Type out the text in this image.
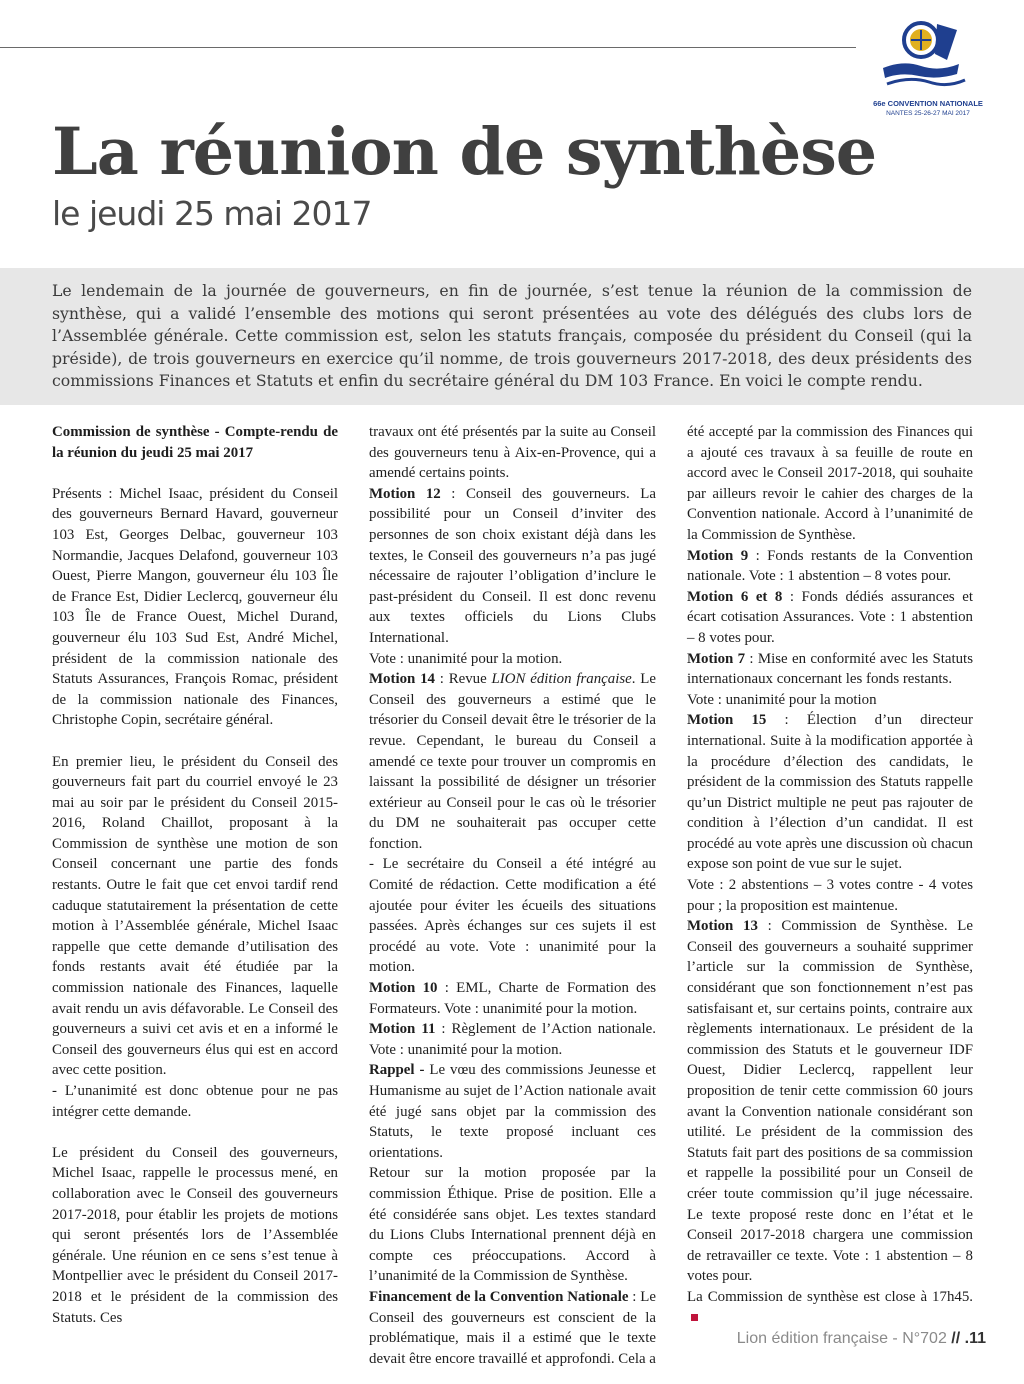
66e CONVENTION NATIONALE
NANTES 25-26-27 MAI 2017
La réunion de synthèse
le jeudi 25 mai 2017

Le lendemain de la journée de gouverneurs, en fin de journée, s’est tenue la réunion de la commission de synthèse, qui a validé l’ensemble des motions qui seront présentées au vote des délégués des clubs lors de l’Assemblée générale. Cette commission est, selon les statuts français, composée du président du Conseil (qui la préside), de trois gouverneurs en exercice qu’il nomme, de trois gouverneurs 2017-2018, des deux présidents des commissions Finances et Statuts et enfin du secrétaire général du DM 103 France. En voici le compte rendu.

Commission de synthèse - Compte-rendu de la réunion du jeudi 25 mai 2017

Présents : Michel Isaac, président du Conseil des gouverneurs Bernard Havard, gouverneur 103 Est, Georges Delbac, gouverneur 103 Normandie, Jacques Delafond, gouverneur 103 Ouest, Pierre Mangon, gouverneur élu 103 Île de France Est, Didier Leclercq, gouverneur élu 103 Île de France Ouest, Michel Durand, gouverneur élu 103 Sud Est, André Michel, président de la commission nationale des Statuts Assurances, François Romac, président de la commission nationale des Finances, Christophe Copin, secrétaire général.

En premier lieu, le président du Conseil des gouverneurs fait part du courriel envoyé le 23 mai au soir par le président du Conseil 2015-2016, Roland Chaillot, proposant à la Commission de synthèse une motion de son Conseil concernant une partie des fonds restants. Outre le fait que cet envoi tardif rend caduque statutairement la présentation de cette motion à l’Assemblée générale, Michel Isaac rappelle que cette demande d’utilisation des fonds restants avait été étudiée par la commission nationale des Finances, laquelle avait rendu un avis défavorable. Le Conseil des gouverneurs a suivi cet avis et en a informé le Conseil des gouverneurs élus qui est en accord avec cette position.

- L’unanimité est donc obtenue pour ne pas intégrer cette demande.

Le président du Conseil des gouverneurs, Michel Isaac, rappelle le processus mené, en collaboration avec le Conseil des gouverneurs 2017-2018, pour établir les projets de motions qui seront présentés lors de l’Assemblée générale. Une réunion en ce sens s’est tenue à Montpellier avec le président du Conseil 2017-2018 et le président de la commission des Statuts. Ces

travaux ont été présentés par la suite au Conseil des gouverneurs tenu à Aix-en-Provence, qui a amendé certains points.

Motion 12 : Conseil des gouverneurs. La possibilité pour un Conseil d’inviter des personnes de son choix existant déjà dans les textes, le Conseil des gouverneurs n’a pas jugé nécessaire de rajouter l’obligation d’inclure le past-président du Conseil. Il est donc revenu aux textes officiels du Lions Clubs International.

Vote : unanimité pour la motion.

Motion 14 : Revue LION édition française. Le Conseil des gouverneurs a estimé que le trésorier du Conseil devait être le trésorier de la revue. Cependant, le bureau du Conseil a amendé ce texte pour trouver un compromis en laissant la possibilité de désigner un trésorier extérieur au Conseil pour le cas où le trésorier du DM ne souhaiterait pas occuper cette fonction.

- Le secrétaire du Conseil a été intégré au Comité de rédaction. Cette modification a été ajoutée pour éviter les écueils des situations passées. Après échanges sur ces sujets il est procédé au vote. Vote : unanimité pour la motion.

Motion 10 : EML, Charte de Formation des Formateurs. Vote : unanimité pour la motion.

Motion 11 : Règlement de l’Action nationale. Vote : unanimité pour la motion.

Rappel - Le vœu des commissions Jeunesse et Humanisme au sujet de l’Action nationale avait été jugé sans objet par la commission des Statuts, le texte proposé incluant ces orientations.

Retour sur la motion proposée par la commission Éthique. Prise de position. Elle a été considérée sans objet. Les textes standard du Lions Clubs International prennent déjà en compte ces préoccupations. Accord à l’unanimité de la Commission de Synthèse.

Financement de la Convention Nationale : Le Conseil des gouverneurs est conscient de la problématique, mais il a estimé que le texte devait être encore travaillé et approfondi. Cela a

été accepté par la commission des Finances qui a ajouté ces travaux à sa feuille de route en accord avec le Conseil 2017-2018, qui souhaite par ailleurs revoir le cahier des charges de la Convention nationale. Accord à l’unanimité de la Commission de Synthèse.

Motion 9 : Fonds restants de la Convention nationale. Vote : 1 abstention – 8 votes pour.

Motion 6 et 8 : Fonds dédiés assurances et écart cotisation Assurances. Vote : 1 abstention – 8 votes pour.

Motion 7 : Mise en conformité avec les Statuts internationaux concernant les fonds restants.

Vote : unanimité pour la motion

Motion 15 : Élection d’un directeur international. Suite à la modification apportée à la procédure d’élection des candidats, le président de la commission des Statuts rappelle qu’un District multiple ne peut pas rajouter de condition à l’élection d’un candidat. Il est procédé au vote après une discussion où chacun expose son point de vue sur le sujet.

Vote : 2 abstentions – 3 votes contre - 4 votes pour ; la proposition est maintenue.

Motion 13 : Commission de Synthèse. Le Conseil des gouverneurs a souhaité supprimer l’article sur la commission de Synthèse, considérant que son fonctionnement n’est pas satisfaisant et, sur certains points, contraire aux règlements internationaux. Le président de la commission des Statuts et le gouverneur IDF Ouest, Didier Leclercq, rappellent leur proposition de tenir cette commission 60 jours avant la Convention nationale considérant son utilité. Le président de la commission des Statuts fait part des positions de sa commission et rappelle la possibilité pour un Conseil de créer toute commission qu’il juge nécessaire. Le texte proposé reste donc en l’état et le Conseil 2017-2018 chargera une commission de retravailler ce texte. Vote : 1 abstention – 8 votes pour.

La Commission de synthèse est close à 17h45.

Lion édition française - N°702 // .11
